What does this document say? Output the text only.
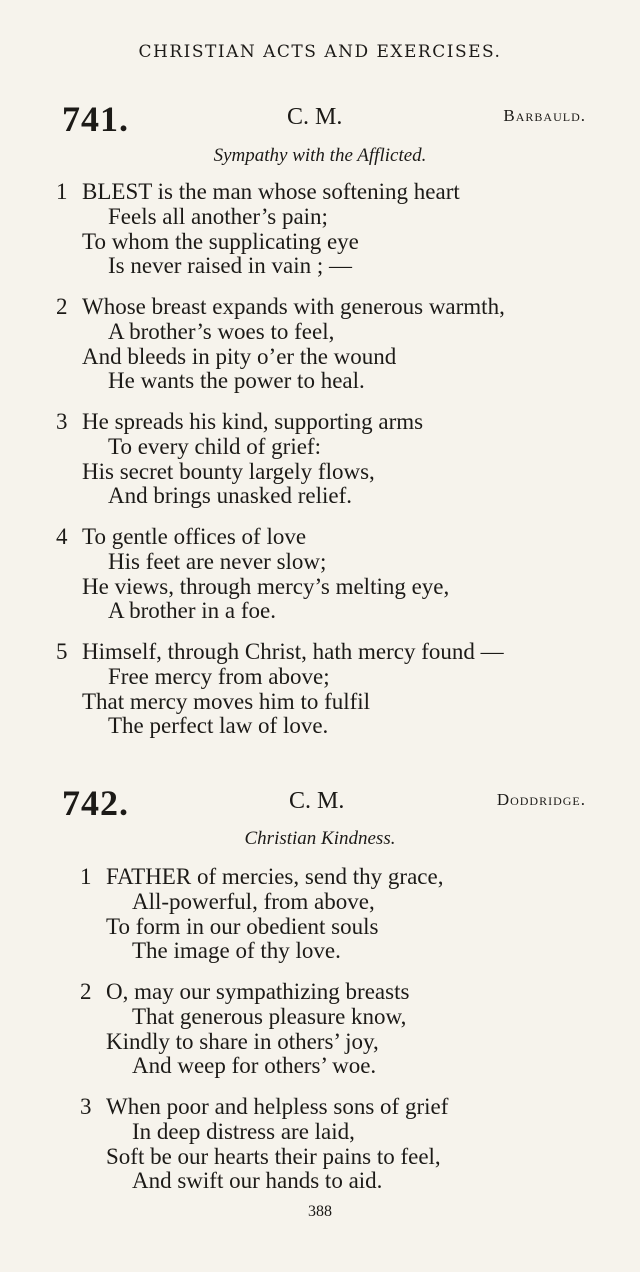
CHRISTIAN ACTS AND EXERCISES.
741.	C. M.	Barbauld.
Sympathy with the Afflicted.
1 BLEST is the man whose softening heart
Feels all another’s pain;
To whom the supplicating eye
Is never raised in vain ; —
2 Whose breast expands with generous warmth,
A brother’s woes to feel,
And bleeds in pity o’er the wound
He wants the power to heal.
3 He spreads his kind, supporting arms
To every child of grief:
His secret bounty largely flows,
And brings unasked relief.
4 To gentle offices of love
His feet are never slow;
He views, through mercy’s melting eye,
A brother in a foe.
5 Himself, through Christ, hath mercy found —
Free mercy from above;
That mercy moves him to fulfil
The perfect law of love.
742.	C. M.	Doddridge.
Christian Kindness.
1 FATHER of mercies, send thy grace,
All-powerful, from above,
To form in our obedient souls
The image of thy love.
2 O, may our sympathizing breasts
That generous pleasure know,
Kindly to share in others’ joy,
And weep for others’ woe.
3 When poor and helpless sons of grief
In deep distress are laid,
Soft be our hearts their pains to feel,
And swift our hands to aid.
388
